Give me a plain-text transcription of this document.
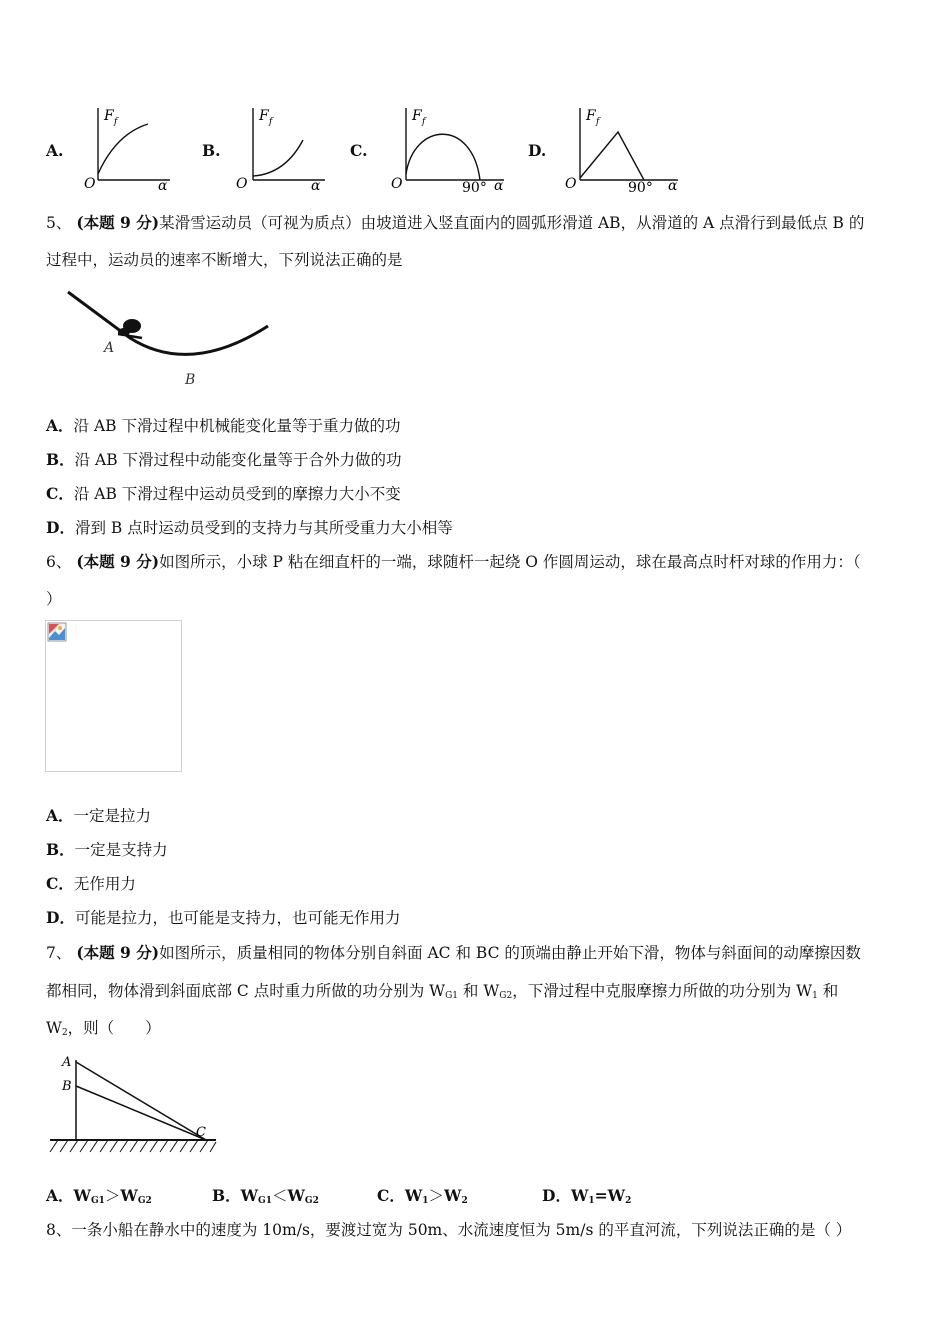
A.
F f
O	α
B.
F f
O	α
C.
F f
O	90° α
D.
F f
O	90° α
5、 (本题 9 分)某滑雪运动员（可视为质点）由坡道进入竖直面内的圆弧形滑道 AB，从滑道的 A 点滑行到最低点 B 的
过程中，运动员的速率不断增大，下列说法正确的是
A
B
A．沿 AB 下滑过程中机械能变化量等于重力做的功
B．沿 AB 下滑过程中动能变化量等于合外力做的功
C．沿 AB 下滑过程中运动员受到的摩擦力大小不变
D．滑到 B 点时运动员受到的支持力与其所受重力大小相等
6、 (本题 9 分)如图所示，小球 P 粘在细直杆的一端，球随杆一起绕 O 作圆周运动，球在最高点时杆对球的作用力：（
）
A．一定是拉力
B．一定是支持力
C．无作用力
D．可能是拉力，也可能是支持力，也可能无作用力
7、 (本题 9 分)如图所示，质量相同的物体分别自斜面 AC 和 BC 的顶端由静止开始下滑，物体与斜面间的动摩擦因数
都相同，物体滑到斜面底部 C 点时重力所做的功分别为 $W_{G1}$ 和 $W_{G2}$，下滑过程中克服摩擦力所做的功分别为 $W_1$ 和
$W_2$，则（　　）
A
B
C
A．$W_{G1}>W_{G2}$	B．$W_{G1}<W_{G2}$	C．$W_1>W_2$	D．$W_1=W_2$
8、一条小船在静水中的速度为 10m/s，要渡过宽为 50m、水流速度恒为 5m/s 的平直河流，下列说法正确的是（ ）
